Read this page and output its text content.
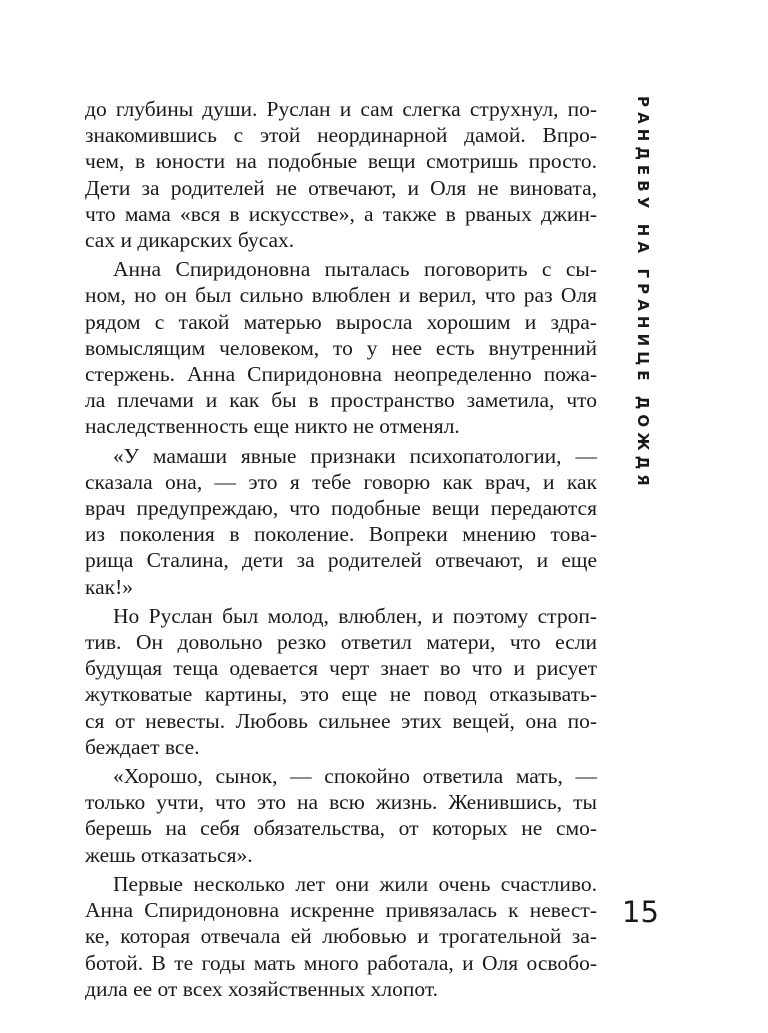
РАНДЕВУ НА ГРАНИЦЕ ДОЖДЯ

до глубины души. Руслан и сам слегка струхнул, по-
знакомившись с этой неординарной дамой. Впро-
чем, в юности на подобные вещи смотришь просто.
Дети за родителей не отвечают, и Оля не виновата,
что мама «вся в искусстве», а также в рваных джин-
сах и дикарских бусах.

Анна Спиридоновна пыталась поговорить с сы-
ном, но он был сильно влюблен и верил, что раз Оля
рядом с такой матерью выросла хорошим и здра-
вомыслящим человеком, то у нее есть внутренний
стержень. Анна Спиридоновна неопределенно пожа-
ла плечами и как бы в пространство заметила, что
наследственность еще никто не отменял.

«У мамаши явные признаки психопатологии, —
сказала она, — это я тебе говорю как врач, и как
врач предупреждаю, что подобные вещи передаются
из поколения в поколение. Вопреки мнению това-
рища Сталина, дети за родителей отвечают, и еще
как!»

Но Руслан был молод, влюблен, и поэтому строп-
тив. Он довольно резко ответил матери, что если
будущая теща одевается черт знает во что и рисует
жутковатые картины, это еще не повод отказывать-
ся от невесты. Любовь сильнее этих вещей, она по-
беждает все.

«Хорошо, сынок, — спокойно ответила мать, —
только учти, что это на всю жизнь. Женившись, ты
берешь на себя обязательства, от которых не смо-
жешь отказаться».

Первые несколько лет они жили очень счастливо.
Анна Спиридоновна искренне привязалась к невест-
ке, которая отвечала ей любовью и трогательной за-
ботой. В те годы мать много работала, и Оля освобо-
дила ее от всех хозяйственных хлопот.

15
